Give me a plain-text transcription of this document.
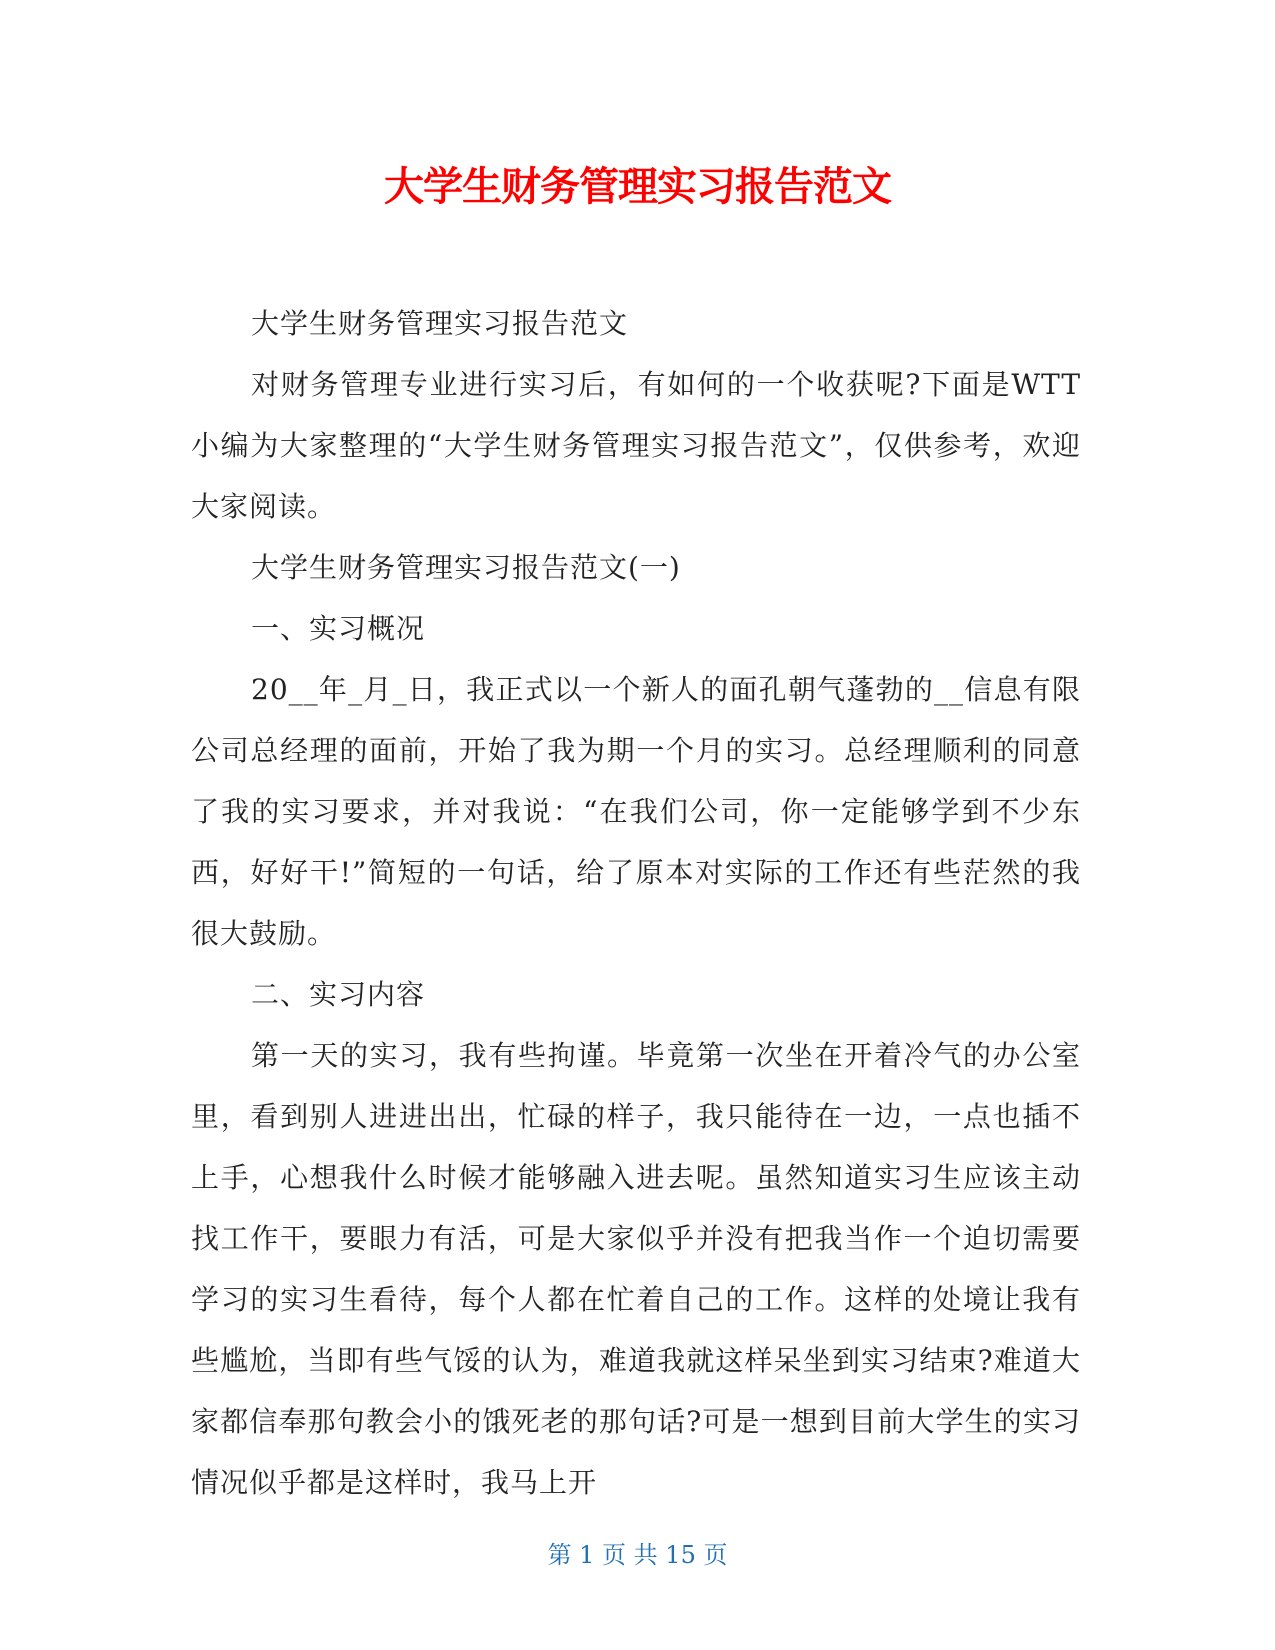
大学生财务管理实习报告范文

大学生财务管理实习报告范文

对财务管理专业进行实习后，有如何的一个收获呢?下面是WTT小编为大家整理的“大学生财务管理实习报告范文”，仅供参考，欢迎大家阅读。

大学生财务管理实习报告范文(一)

一、实习概况

20__年_月_日，我正式以一个新人的面孔朝气蓬勃的__信息有限公司总经理的面前，开始了我为期一个月的实习。总经理顺利的同意了我的实习要求，并对我说：“在我们公司，你一定能够学到不少东西，好好干!”简短的一句话，给了原本对实际的工作还有些茫然的我很大鼓励。

二、实习内容

第一天的实习，我有些拘谨。毕竟第一次坐在开着冷气的办公室里，看到别人进进出出，忙碌的样子，我只能待在一边，一点也插不上手，心想我什么时候才能够融入进去呢。虽然知道实习生应该主动找工作干，要眼力有活，可是大家似乎并没有把我当作一个迫切需要学习的实习生看待，每个人都在忙着自己的工作。这样的处境让我有些尴尬，当即有些气馁的认为，难道我就这样呆坐到实习结束?难道大家都信奉那句教会小的饿死老的那句话?可是一想到目前大学生的实习情况似乎都是这样时，我马上开

第 1 页 共 15 页
